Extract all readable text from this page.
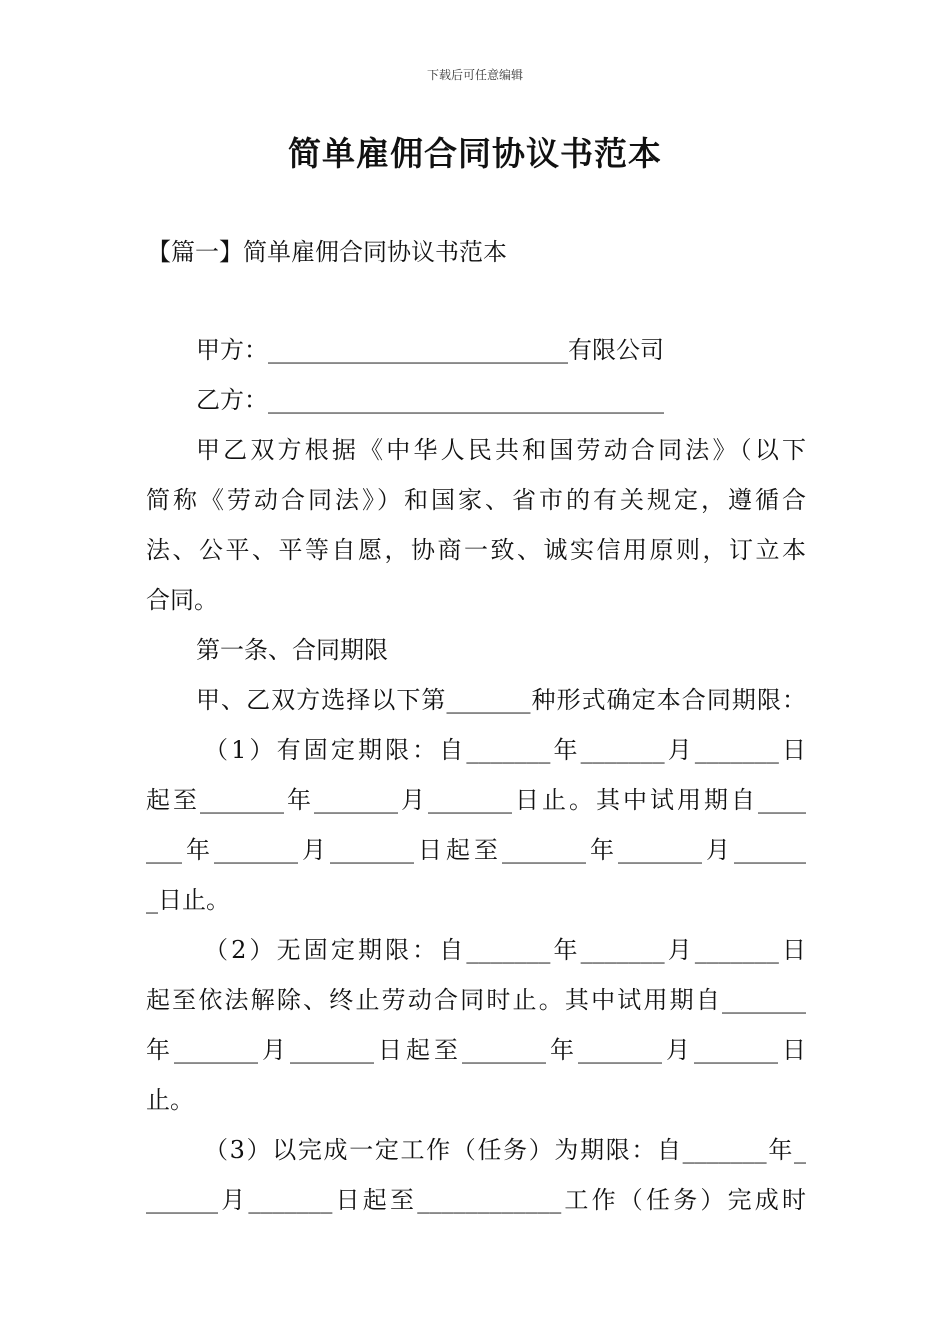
下载后可任意编辑
简单雇佣合同协议书范本
【篇一】简单雇佣合同协议书范本
甲方：_________________________有限公司
乙方：_________________________________
甲乙双方根据《中华人民共和国劳动合同法》（以下
简称《劳动合同法》）和国家、省市的有关规定，遵循合
法、公平、平等自愿，协商一致、诚实信用原则，订立本
合同。
第一条、合同期限
甲、乙双方选择以下第_______种形式确定本合同期限：
（1）有固定期限：自_______年_______月_______日
起至_______年_______月_______日止。其中试用期自____
___年_______月_______日起至_______年_______月______
_日止。
（2）无固定期限：自_______年_______月_______日
起至依法解除、终止劳动合同时止。其中试用期自_______
年_______月_______日起至_______年_______月_______日
止。
（3）以完成一定工作（任务）为期限：自_______年_
______月_______日起至____________工作（任务）完成时
